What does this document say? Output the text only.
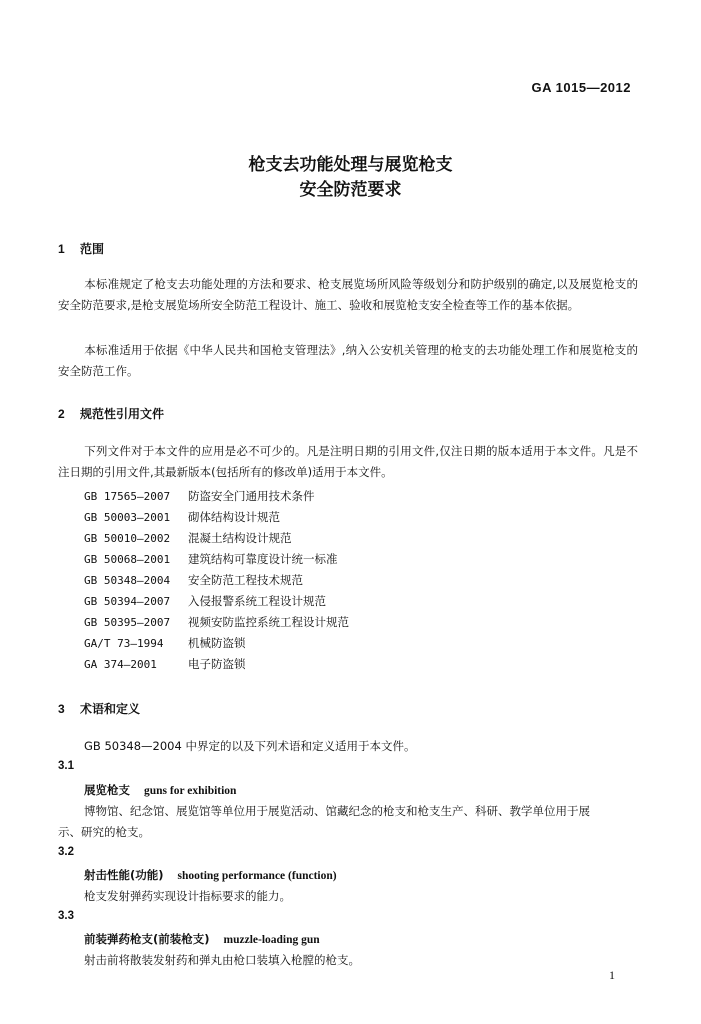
GA 1015—2012
枪支去功能处理与展览枪支
安全防范要求
1 范围
本标准规定了枪支去功能处理的方法和要求、枪支展览场所风险等级划分和防护级别的确定,以及展览枪支的安全防范要求,是枪支展览场所安全防范工程设计、施工、验收和展览枪支安全检查等工作的基本依据。
本标准适用于依据《中华人民共和国枪支管理法》,纳入公安机关管理的枪支的去功能处理工作和展览枪支的安全防范工作。
2 规范性引用文件
下列文件对于本文件的应用是必不可少的。凡是注明日期的引用文件,仅注日期的版本适用于本文件。凡是不注日期的引用文件,其最新版本(包括所有的修改单)适用于本文件。
GB 17565—2007 防盗安全门通用技术条件
GB 50003—2001 砌体结构设计规范
GB 50010—2002 混凝土结构设计规范
GB 50068—2001 建筑结构可靠度设计统一标准
GB 50348—2004 安全防范工程技术规范
GB 50394—2007 入侵报警系统工程设计规范
GB 50395—2007 视频安防监控系统工程设计规范
GA/T 73—1994 机械防盗锁
GA 374—2001	电子防盗锁
3 术语和定义
GB 50348—2004 中界定的以及下列术语和定义适用于本文件。
3.1
展览枪支 guns for exhibition
博物馆、纪念馆、展览馆等单位用于展览活动、馆藏纪念的枪支和枪支生产、科研、教学单位用于展
示、研究的枪支。
3.2
射击性能(功能) shooting performance (function)
枪支发射弹药实现设计指标要求的能力。
3.3
前装弹药枪支(前装枪支) muzzle-loading gun
射击前将散装发射药和弹丸由枪口装填入枪膛的枪支。
1
